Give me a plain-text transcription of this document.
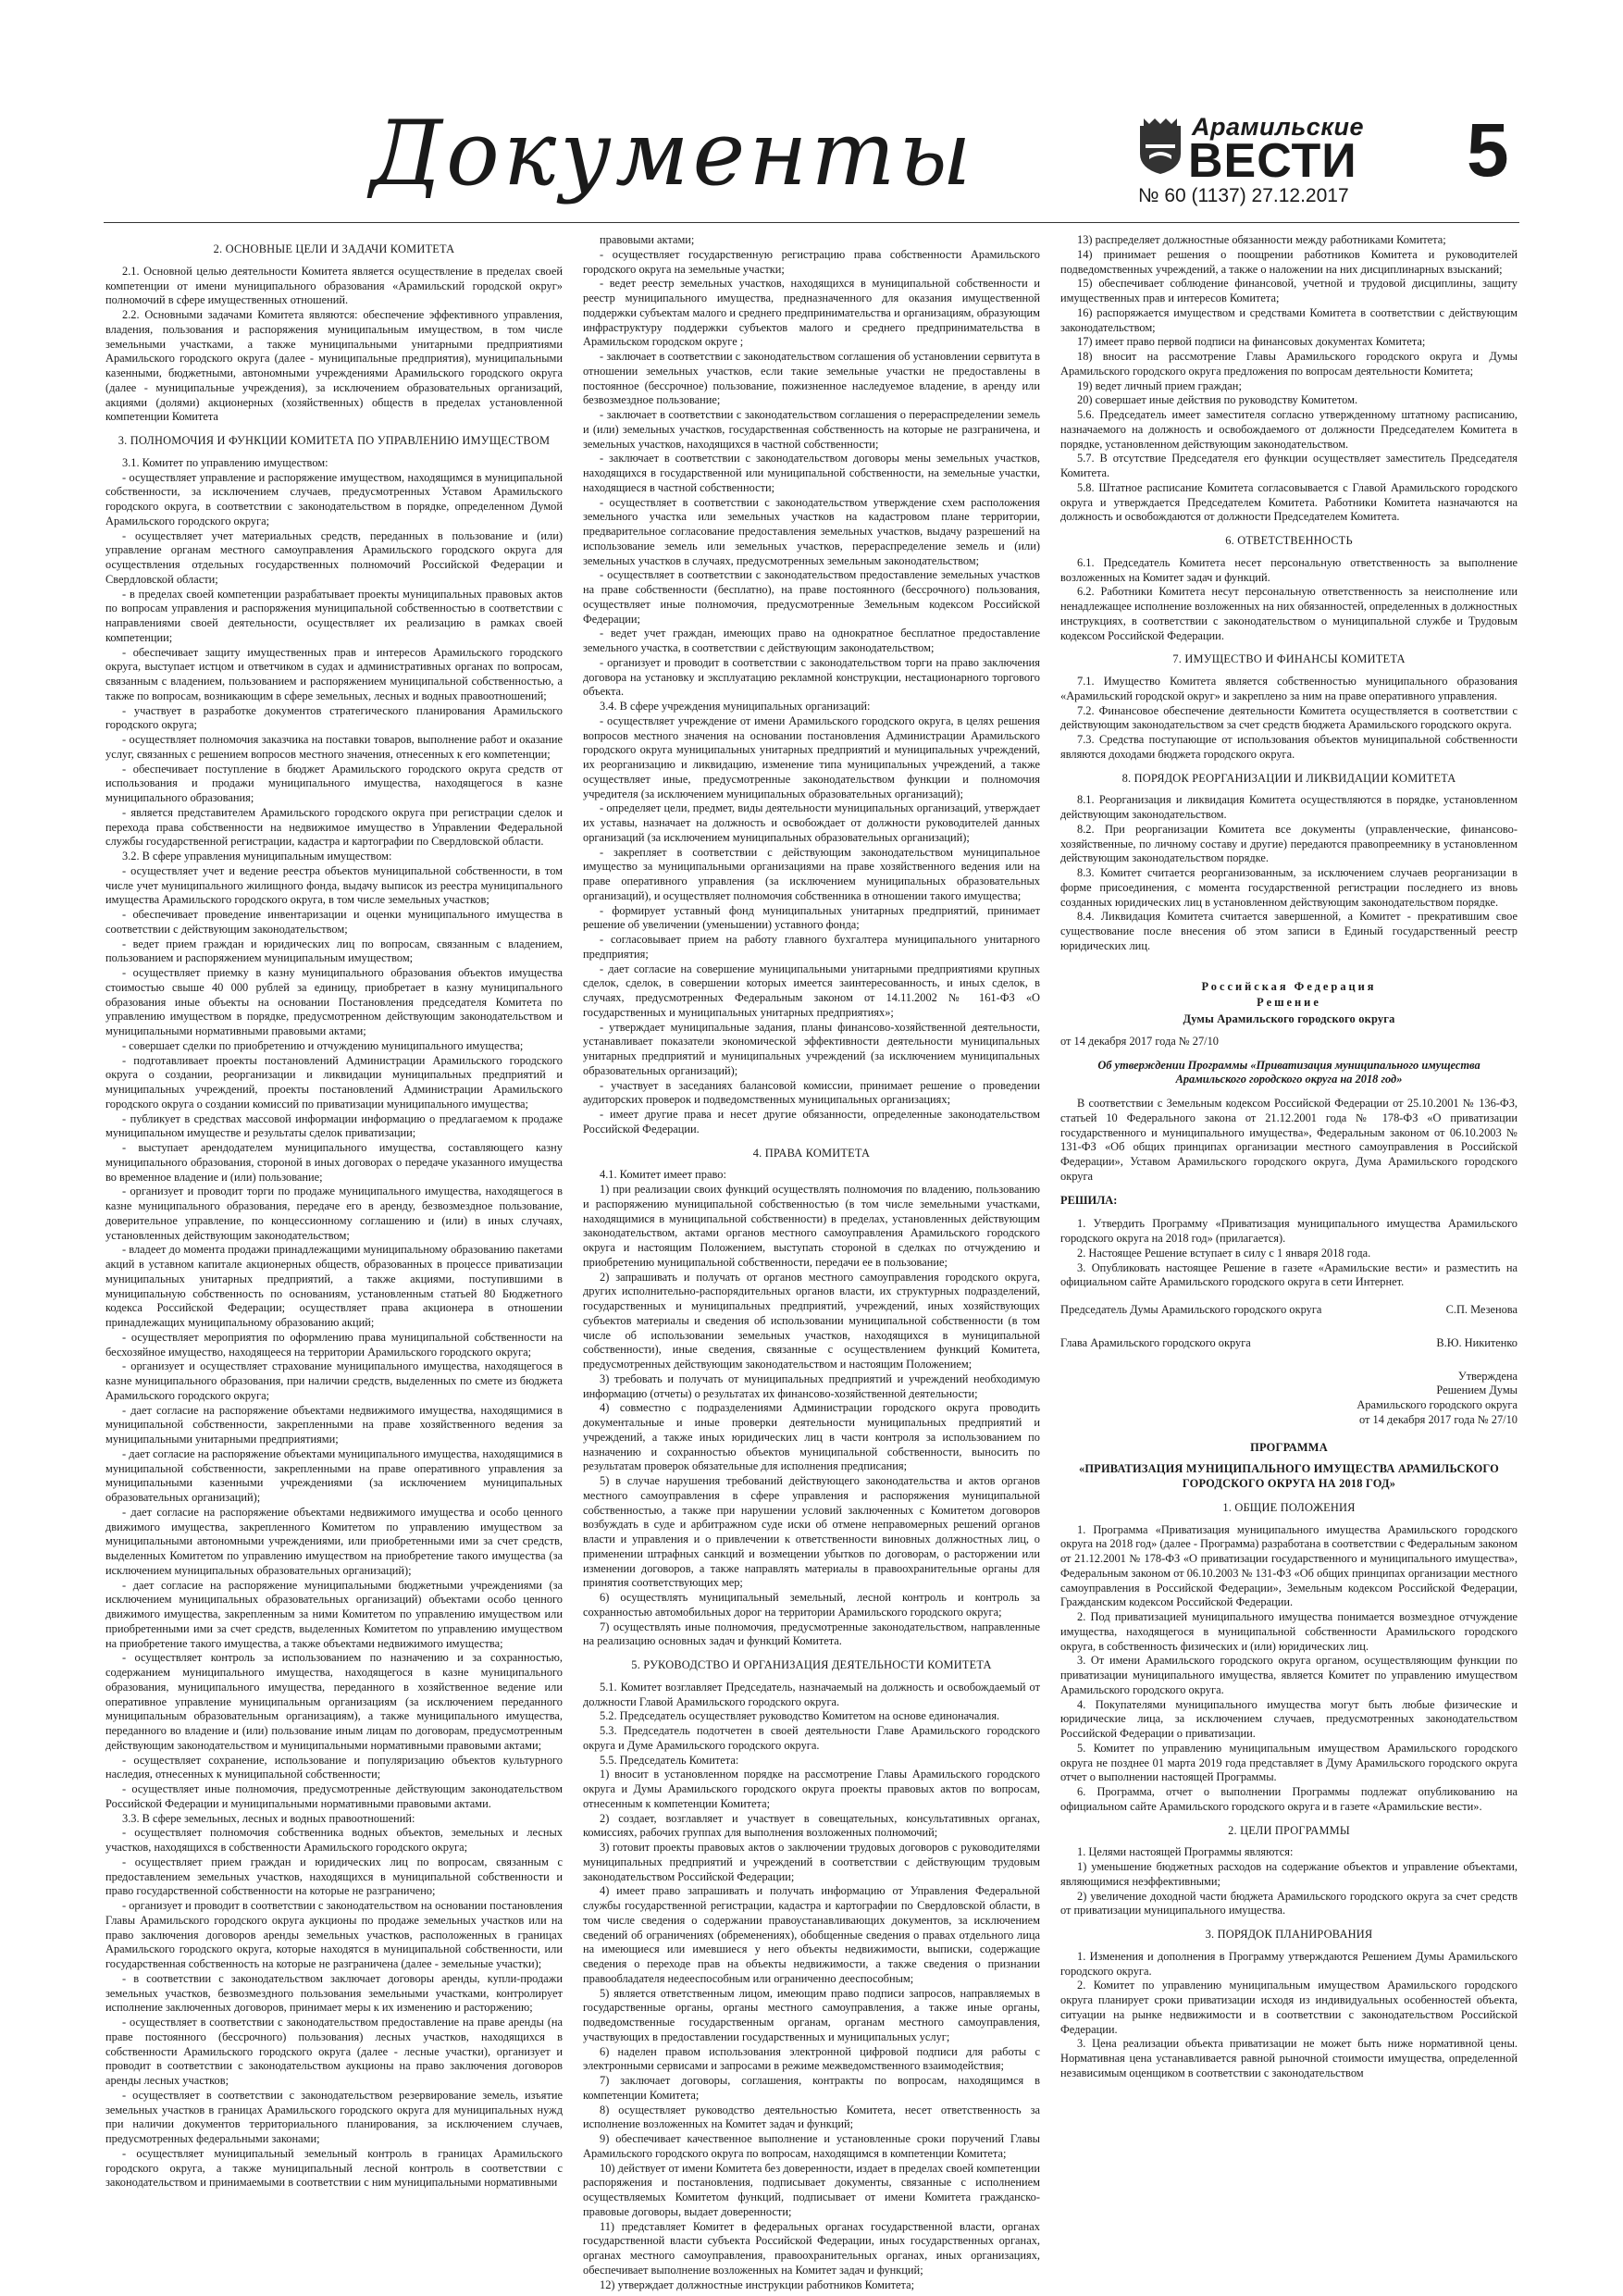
Документы	Арамильские
ВЕСТИ
№ 60 (1137) 27.12.2017
5
2. ОСНОВНЫЕ ЦЕЛИ И ЗАДАЧИ КОМИТЕТА

2.1. Основной целью деятельности Комитета является осуществление в пределах своей компетенции от имени муниципального образования «Арамильский городской округ» полномочий в сфере имущественных отношений.

2.2. Основными задачами Комитета являются: обеспечение эффективного управления, владения, пользования и распоряжения муниципальным имуществом, в том числе земельными участками, а также муниципальными унитарными предприятиями Арамильского городского округа (далее - муниципальные предприятия), муниципальными казенными, бюджетными, автономными учреждениями Арамильского городского округа (далее - муниципальные учреждения), за исключением образовательных организаций, акциями (долями) акционерных (хозяйственных) обществ в пределах установленной компетенции Комитета

3. ПОЛНОМОЧИЯ И ФУНКЦИИ КОМИТЕТА ПО УПРАВЛЕНИЮ ИМУЩЕСТВОМ

3.1. Комитет по управлению имуществом:

- осуществляет управление и распоряжение имуществом, находящимся в муниципальной собственности, за исключением случаев, предусмотренных Уставом Арамильского городского округа, в соответствии с законодательством в порядке, определенном Думой Арамильского городского округа;

- осуществляет учет материальных средств, переданных в пользование и (или) управление органам местного самоуправления Арамильского городского округа для осуществления отдельных государственных полномочий Российской Федерации и Свердловской области;

- в пределах своей компетенции разрабатывает проекты муниципальных правовых актов по вопросам управления и распоряжения муниципальной собственностью в соответствии с направлениями своей деятельности, осуществляет их реализацию в рамках своей компетенции;

- обеспечивает защиту имущественных прав и интересов Арамильского городского округа, выступает истцом и ответчиком в судах и административных органах по вопросам, связанным с владением, пользованием и распоряжением муниципальной собственностью, а также по вопросам, возникающим в сфере земельных, лесных и водных правоотношений;

- участвует в разработке документов стратегического планирования Арамильского городского округа;

- осуществляет полномочия заказчика на поставки товаров, выполнение работ и оказание услуг, связанных с решением вопросов местного значения, отнесенных к его компетенции;

- обеспечивает поступление в бюджет Арамильского городского округа средств от использования и продажи муниципального имущества, находящегося в казне муниципального образования;

- является представителем Арамильского городского округа при регистрации сделок и перехода права собственности на недвижимое имущество в Управлении Федеральной службы государственной регистрации, кадастра и картографии по Свердловской области.

3.2. В сфере управления муниципальным имуществом:

- осуществляет учет и ведение реестра объектов муниципальной собственности, в том числе учет муниципального жилищного фонда, выдачу выписок из реестра муниципального имущества Арамильского городского округа, в том числе земельных участков;

- обеспечивает проведение инвентаризации и оценки муниципального имущества в соответствии с действующим законодательством;

- ведет прием граждан и юридических лиц по вопросам, связанным с владением, пользованием и распоряжением муниципальным имуществом;

- осуществляет приемку в казну муниципального образования объектов имущества стоимостью свыше 40 000 рублей за единицу, приобретает в казну муниципального образования иные объекты на основании Постановления председателя Комитета по управлению имуществом в порядке, предусмотренном действующим законодательством и муниципальными нормативными правовыми актами;

- совершает сделки по приобретению и отчуждению муниципального имущества;

- подготавливает проекты постановлений Администрации Арамильского городского округа о создании, реорганизации и ликвидации муниципальных предприятий и муниципальных учреждений, проекты постановлений Администрации Арамильского городского округа о создании комиссий по приватизации муниципального имущества;

- публикует в средствах массовой информации информацию о предлагаемом к продаже муниципальном имуществе и результаты сделок приватизации;

- выступает арендодателем муниципального имущества, составляющего казну муниципального образования, стороной в иных договорах о передаче указанного имущества во временное владение и (или) пользование;

- организует и проводит торги по продаже муниципального имущества, находящегося в казне муниципального образования, передаче его в аренду, безвозмездное пользование, доверительное управление, по концессионному соглашению и (или) в иных случаях, установленных действующим законодательством;

- владеет до момента продажи принадлежащими муниципальному образованию пакетами акций в уставном капитале акционерных обществ, образованных в процессе приватизации муниципальных унитарных предприятий, а также акциями, поступившими в муниципальную собственность по основаниям, установленным статьей 80 Бюджетного кодекса Российской Федерации; осуществляет права акционера в отношении принадлежащих муниципальному образованию акций;

- осуществляет мероприятия по оформлению права муниципальной собственности на бесхозяйное имущество, находящееся на территории Арамильского городского округа;

- организует и осуществляет страхование муниципального имущества, находящегося в казне муниципального образования, при наличии средств, выделенных по смете из бюджета Арамильского городского округа;

- дает согласие на распоряжение объектами недвижимого имущества, находящимися в муниципальной собственности, закрепленными на праве хозяйственного ведения за муниципальными унитарными предприятиями;

- дает согласие на распоряжение объектами муниципального имущества, находящимися в муниципальной собственности, закрепленными на праве оперативного управления за муниципальными казенными учреждениями (за исключением муниципальных образовательных организаций);

- дает согласие на распоряжение объектами недвижимого имущества и особо ценного движимого имущества, закрепленного Комитетом по управлению имуществом за муниципальными автономными учреждениями, или приобретенными ими за счет средств, выделенных Комитетом по управлению имуществом на приобретение такого имущества (за исключением муниципальных образовательных организаций);

- дает согласие на распоряжение муниципальными бюджетными учреждениями (за исключением муниципальных образовательных организаций) объектами особо ценного движимого имущества, закрепленным за ними Комитетом по управлению имуществом или приобретенными ими за счет средств, выделенных Комитетом по управлению имуществом на приобретение такого имущества, а также объектами недвижимого имущества;

- осуществляет контроль за использованием по назначению и за сохранностью, содержанием муниципального имущества, находящегося в казне муниципального образования, муниципального имущества, переданного в хозяйственное ведение или оперативное управление муниципальным организациям (за исключением переданного муниципальным образовательным организациям), а также муниципального имущества, переданного во владение и (или) пользование иным лицам по договорам, предусмотренным действующим законодательством и муниципальными нормативными правовыми актами;

- осуществляет сохранение, использование и популяризацию объектов культурного наследия, отнесенных к муниципальной собственности;

- осуществляет иные полномочия, предусмотренные действующим законодательством Российской Федерации и муниципальными нормативными правовыми актами.

3.3. В сфере земельных, лесных и водных правоотношений:

- осуществляет полномочия собственника водных объектов, земельных и лесных участков, находящихся в собственности Арамильского городского округа;

- осуществляет прием граждан и юридических лиц по вопросам, связанным с предоставлением земельных участков, находящихся в муниципальной собственности и право государственной собственности на которые не разграничено;

- организует и проводит в соответствии с законодательством на основании постановления Главы Арамильского городского округа аукционы по продаже земельных участков или на право заключения договоров аренды земельных участков, расположенных в границах Арамильского городского округа, которые находятся в муниципальной собственности, или государственная собственность на которые не разграничена (далее - земельные участки);

- в соответствии с законодательством заключает договоры аренды, купли-продажи земельных участков, безвозмездного пользования земельными участками, контролирует исполнение заключенных договоров, принимает меры к их изменению и расторжению;

- осуществляет в соответствии с законодательством предоставление на праве аренды (на праве постоянного (бессрочного) пользования) лесных участков, находящихся в собственности Арамильского городского округа (далее - лесные участки), организует и проводит в соответствии с законодательством аукционы на право заключения договоров аренды лесных участков;

- осуществляет в соответствии с законодательством резервирование земель, изъятие земельных участков в границах Арамильского городского округа для муниципальных нужд при наличии документов территориального планирования, за исключением случаев, предусмотренных федеральными законами;

- осуществляет муниципальный земельный контроль в границах Арамильского городского округа, а также муниципальный лесной контроль в соответствии с законодательством и принимаемыми в соответствии с ним муниципальными нормативными

правовыми актами;

- осуществляет государственную регистрацию права собственности Арамильского городского округа на земельные участки;

- ведет реестр земельных участков, находящихся в муниципальной собственности и реестр муниципального имущества, предназначенного для оказания имущественной поддержки субъектам малого и среднего предпринимательства и организациям, образующим инфраструктуру поддержки субъектов малого и среднего предпринимательства в Арамильском городском округе ;

- заключает в соответствии с законодательством соглашения об установлении сервитута в отношении земельных участков, если такие земельные участки не предоставлены в постоянное (бессрочное) пользование, пожизненное наследуемое владение, в аренду или безвозмездное пользование;

- заключает в соответствии с законодательством соглашения о перераспределении земель и (или) земельных участков, государственная собственность на которые не разграничена, и земельных участков, находящихся в частной собственности;

- заключает в соответствии с законодательством договоры мены земельных участков, находящихся в государственной или муниципальной собственности, на земельные участки, находящиеся в частной собственности;

- осуществляет в соответствии с законодательством утверждение схем расположения земельного участка или земельных участков на кадастровом плане территории, предварительное согласование предоставления земельных участков, выдачу разрешений на использование земель или земельных участков, перераспределение земель и (или) земельных участков в случаях, предусмотренных земельным законодательством;

- осуществляет в соответствии с законодательством предоставление земельных участков на праве собственности (бесплатно), на праве постоянного (бессрочного) пользования, осуществляет иные полномочия, предусмотренные Земельным кодексом Российской Федерации;

- ведет учет граждан, имеющих право на однократное бесплатное предоставление земельного участка, в соответствии с действующим законодательством;

- организует и проводит в соответствии с законодательством торги на право заключения договора на установку и эксплуатацию рекламной конструкции, нестационарного торгового объекта.

3.4. В сфере учреждения муниципальных организаций:

- осуществляет учреждение от имени Арамильского городского округа, в целях решения вопросов местного значения на основании постановления Администрации Арамильского городского округа муниципальных унитарных предприятий и муниципальных учреждений, их реорганизацию и ликвидацию, изменение типа муниципальных учреждений, а также осуществляет иные, предусмотренные законодательством функции и полномочия учредителя (за исключением муниципальных образовательных организаций);

- определяет цели, предмет, виды деятельности муниципальных организаций, утверждает их уставы, назначает на должность и освобождает от должности руководителей данных организаций (за исключением муниципальных образовательных организаций);

- закрепляет в соответствии с действующим законодательством муниципальное имущество за муниципальными организациями на праве хозяйственного ведения или на праве оперативного управления (за исключением муниципальных образовательных организаций), и осуществляет полномочия собственника в отношении такого имущества;

- формирует уставный фонд муниципальных унитарных предприятий, принимает решение об увеличении (уменьшении) уставного фонда;

- согласовывает прием на работу главного бухгалтера муниципального унитарного предприятия;

- дает согласие на совершение муниципальными унитарными предприятиями крупных сделок, сделок, в совершении которых имеется заинтересованность, и иных сделок, в случаях, предусмотренных Федеральным законом от 14.11.2002 № 161-ФЗ «О государственных и муниципальных унитарных предприятиях»;

- утверждает муниципальные задания, планы финансово-хозяйственной деятельности, устанавливает показатели экономической эффективности деятельности муниципальных унитарных предприятий и муниципальных учреждений (за исключением муниципальных образовательных организаций);

- участвует в заседаниях балансовой комиссии, принимает решение о проведении аудиторских проверок и подведомственных муниципальных организациях;

- имеет другие права и несет другие обязанности, определенные законодательством Российской Федерации.

4. ПРАВА КОМИТЕТА

4.1. Комитет имеет право:

1) при реализации своих функций осуществлять полномочия по владению, пользованию и распоряжению муниципальной собственностью (в том числе земельными участками, находящимися в муниципальной собственности) в пределах, установленных действующим законодательством, актами органов местного самоуправления Арамильского городского округа и настоящим Положением, выступать стороной в сделках по отчуждению и приобретению муниципальной собственности, передачи ее в пользование;

2) запрашивать и получать от органов местного самоуправления городского округа, других исполнительно-распорядительных органов власти, их структурных подразделений, государственных и муниципальных предприятий, учреждений, иных хозяйствующих субъектов материалы и сведения об использовании муниципальной собственности (в том числе об использовании земельных участков, находящихся в муниципальной собственности), иные сведения, связанные с осуществлением функций Комитета, предусмотренных действующим законодательством и настоящим Положением;

3) требовать и получать от муниципальных предприятий и учреждений необходимую информацию (отчеты) о результатах их финансово-хозяйственной деятельности;

4) совместно с подразделениями Администрации городского округа проводить документальные и иные проверки деятельности муниципальных предприятий и учреждений, а также иных юридических лиц в части контроля за использованием по назначению и сохранностью объектов муниципальной собственности, выносить по результатам проверок обязательные для исполнения предписания;

5) в случае нарушения требований действующего законодательства и актов органов местного самоуправления в сфере управления и распоряжения муниципальной собственностью, а также при нарушении условий заключенных с Комитетом договоров возбуждать в суде и арбитражном суде иски об отмене неправомерных решений органов власти и управления и о привлечении к ответственности виновных должностных лиц, о применении штрафных санкций и возмещении убытков по договорам, о расторжении или изменении договоров, а также направлять материалы в правоохранительные органы для принятия соответствующих мер;

6) осуществлять муниципальный земельный, лесной контроль и контроль за сохранностью автомобильных дорог на территории Арамильского городского округа;

7) осуществлять иные полномочия, предусмотренные законодательством, направленные на реализацию основных задач и функций Комитета.

5. РУКОВОДСТВО И ОРГАНИЗАЦИЯ ДЕЯТЕЛЬНОСТИ КОМИТЕТА

5.1. Комитет возглавляет Председатель, назначаемый на должность и освобождаемый от должности Главой Арамильского городского округа.

5.2. Председатель осуществляет руководство Комитетом на основе единоначалия.

5.3. Председатель подотчетен в своей деятельности Главе Арамильского городского округа и Думе Арамильского городского округа.

5.5. Председатель Комитета:

1) вносит в установленном порядке на рассмотрение Главы Арамильского городского округа и Думы Арамильского городского округа проекты правовых актов по вопросам, отнесенным к компетенции Комитета;

2) создает, возглавляет и участвует в совещательных, консультативных органах, комиссиях, рабочих группах для выполнения возложенных полномочий;

3) готовит проекты правовых актов о заключении трудовых договоров с руководителями муниципальных предприятий и учреждений в соответствии с действующим трудовым законодательством Российской Федерации;

4) имеет право запрашивать и получать информацию от Управления Федеральной службы государственной регистрации, кадастра и картографии по Свердловской области, в том числе сведения о содержании правоустанавливающих документов, за исключением сведений об ограничениях (обременениях), обобщенные сведения о правах отдельного лица на имеющиеся или имевшиеся у него объекты недвижимости, выписки, содержащие сведения о переходе прав на объекты недвижимости, а также сведения о признании правообладателя недееспособным или ограниченно дееспособным;

5) является ответственным лицом, имеющим право подписи запросов, направляемых в государственные органы, органы местного самоуправления, а также иные органы, подведомственные государственным органам, органам местного самоуправления, участвующих в предоставлении государственных и муниципальных услуг;

6) наделен правом использования электронной цифровой подписи для работы с электронными сервисами и запросами в режиме межведомственного взаимодействия;

7) заключает договоры, соглашения, контракты по вопросам, находящимся в компетенции Комитета;

8) осуществляет руководство деятельностью Комитета, несет ответственность за исполнение возложенных на Комитет задач и функций;

9) обеспечивает качественное выполнение и установленные сроки поручений Главы Арамильского городского округа по вопросам, находящимся в компетенции Комитета;

10) действует от имени Комитета без доверенности, издает в пределах своей компетенции распоряжения и постановления, подписывает документы, связанные с исполнением осуществляемых Комитетом функций, подписывает от имени Комитета гражданско-правовые договоры, выдает доверенности;

11) представляет Комитет в федеральных органах государственной власти, органах государственной власти субъекта Российской Федерации, иных государственных органах, органах местного самоуправления, правоохранительных органах, иных организациях, обеспечивает выполнение возложенных на Комитет задач и функций;

12) утверждает должностные инструкции работников Комитета;

13) распределяет должностные обязанности между работниками Комитета;

14) принимает решения о поощрении работников Комитета и руководителей подведомственных учреждений, а также о наложении на них дисциплинарных взысканий;

15) обеспечивает соблюдение финансовой, учетной и трудовой дисциплины, защиту имущественных прав и интересов Комитета;

16) распоряжается имуществом и средствами Комитета в соответствии с действующим законодательством;

17) имеет право первой подписи на финансовых документах Комитета;

18) вносит на рассмотрение Главы Арамильского городского округа и Думы Арамильского городского округа предложения по вопросам деятельности Комитета;

19) ведет личный прием граждан;

20) совершает иные действия по руководству Комитетом.

5.6. Председатель имеет заместителя согласно утвержденному штатному расписанию, назначаемого на должность и освобождаемого от должности Председателем Комитета в порядке, установленном действующим законодательством.

5.7. В отсутствие Председателя его функции осуществляет заместитель Председателя Комитета.

5.8. Штатное расписание Комитета согласовывается с Главой Арамильского городского округа и утверждается Председателем Комитета. Работники Комитета назначаются на должность и освобождаются от должности Председателем Комитета.

6. ОТВЕТСТВЕННОСТЬ

6.1. Председатель Комитета несет персональную ответственность за выполнение возложенных на Комитет задач и функций.

6.2. Работники Комитета несут персональную ответственность за неисполнение или ненадлежащее исполнение возложенных на них обязанностей, определенных в должностных инструкциях, в соответствии с законодательством о муниципальной службе и Трудовым кодексом Российской Федерации.

7. ИМУЩЕСТВО И ФИНАНСЫ КОМИТЕТА

7.1. Имущество Комитета является собственностью муниципального образования «Арамильский городской округ» и закреплено за ним на праве оперативного управления.

7.2. Финансовое обеспечение деятельности Комитета осуществляется в соответствии с действующим законодательством за счет средств бюджета Арамильского городского округа.

7.3. Средства поступающие от использования объектов муниципальной собственности являются доходами бюджета городского округа.

8. ПОРЯДОК РЕОРГАНИЗАЦИИ И ЛИКВИДАЦИИ КОМИТЕТА

8.1. Реорганизация и ликвидация Комитета осуществляются в порядке, установленном действующим законодательством.

8.2. При реорганизации Комитета все документы (управленческие, финансово-хозяйственные, по личному составу и другие) передаются правопреемнику в установленном действующим законодательством порядке.

8.3. Комитет считается реорганизованным, за исключением случаев реорганизации в форме присоединения, с момента государственной регистрации последнего из вновь созданных юридических лиц в установленном действующим законодательством порядке.

8.4. Ликвидация Комитета считается завершенной, а Комитет - прекратившим свое существование после внесения об этом записи в Единый государственный реестр юридических лиц.

Российская Федерация
Решение
Думы Арамильского городского округа

от 14 декабря 2017 года № 27/10

Об утверждении Программы «Приватизация муниципального имущества Арамильского городского округа на 2018 год»

В соответствии с Земельным кодексом Российской Федерации от 25.10.2001 № 136-ФЗ, статьей 10 Федерального закона от 21.12.2001 года № 178-ФЗ «О приватизации государственного и муниципального имущества», Федеральным законом от 06.10.2003 № 131-ФЗ «Об общих принципах организации местного самоуправления в Российской Федерации», Уставом Арамильского городского округа, Дума Арамильского городского округа

РЕШИЛА:

1. Утвердить Программу «Приватизация муниципального имущества Арамильского городского округа на 2018 год» (прилагается).

2. Настоящее Решение вступает в силу с 1 января 2018 года.

3. Опубликовать настоящее Решение в газете «Арамильские вести» и разместить на официальном сайте Арамильского городского округа в сети Интернет.

Председатель Думы Арамильского городского округа	С.П. Мезенова
Глава Арамильского городского округа	В.Ю. Никитенко
Утверждена
Решением Думы
Арамильского городского округа
от 14 декабря 2017 года № 27/10
ПРОГРАММА
«ПРИВАТИЗАЦИЯ МУНИЦИПАЛЬНОГО ИМУЩЕСТВА АРАМИЛЬСКОГО ГОРОДСКОГО ОКРУГА НА 2018 ГОД»
1. ОБЩИЕ ПОЛОЖЕНИЯ

1. Программа «Приватизация муниципального имущества Арамильского городского округа на 2018 год» (далее - Программа) разработана в соответствии с Федеральным законом от 21.12.2001 № 178-ФЗ «О приватизации государственного и муниципального имущества», Федеральным законом от 06.10.2003 № 131-ФЗ «Об общих принципах организации местного самоуправления в Российской Федерации», Земельным кодексом Российской Федерации, Гражданским кодексом Российской Федерации.

2. Под приватизацией муниципального имущества понимается возмездное отчуждение имущества, находящегося в муниципальной собственности Арамильского городского округа, в собственность физических и (или) юридических лиц.

3. От имени Арамильского городского округа органом, осуществляющим функции по приватизации муниципального имущества, является Комитет по управлению имуществом Арамильского городского округа.

4. Покупателями муниципального имущества могут быть любые физические и юридические лица, за исключением случаев, предусмотренных законодательством Российской Федерации о приватизации.

5. Комитет по управлению муниципальным имуществом Арамильского городского округа не позднее 01 марта 2019 года представляет в Думу Арамильского городского округа отчет о выполнении настоящей Программы.

6. Программа, отчет о выполнении Программы подлежат опубликованию на официальном сайте Арамильского городского округа и в газете «Арамильские вести».

2. ЦЕЛИ ПРОГРАММЫ

1. Целями настоящей Программы являются:

1) уменьшение бюджетных расходов на содержание объектов и управление объектами, являющимися неэффективными;

2) увеличение доходной части бюджета Арамильского городского округа за счет средств от приватизации муниципального имущества.

3. ПОРЯДОК ПЛАНИРОВАНИЯ

1. Изменения и дополнения в Программу утверждаются Решением Думы Арамильского городского округа.

2. Комитет по управлению муниципальным имуществом Арамильского городского округа планирует сроки приватизации исходя из индивидуальных особенностей объекта, ситуации на рынке недвижимости и в соответствии с законодательством Российской Федерации.

3. Цена реализации объекта приватизации не может быть ниже нормативной цены. Нормативная цена устанавливается равной рыночной стоимости имущества, определенной независимым оценщиком в соответствии с законодательством
